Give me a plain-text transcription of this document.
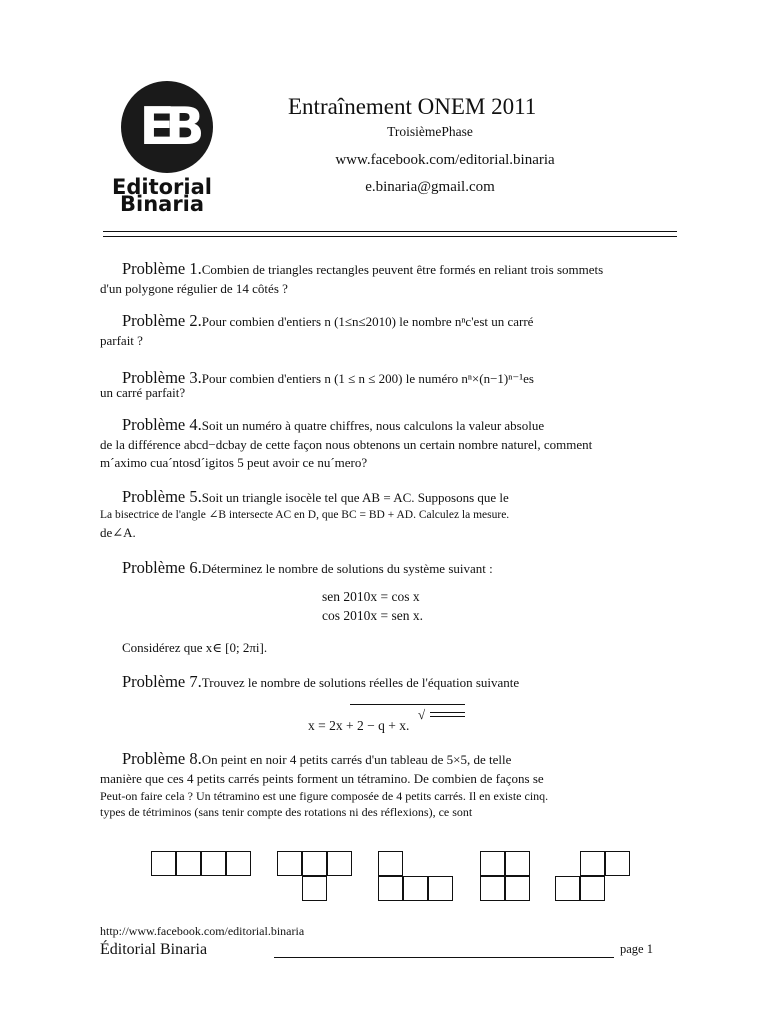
EB
Editorial
Binaria
Entraînement ONEM 2011
TroisièmePhase
www.facebook.com/editorial.binaria
e.binaria@gmail.com
Problème 1.Combien de triangles rectangles peuvent être formés en reliant trois sommets
d'un polygone régulier de 14 côtés ?
Problème 2.Pour combien d'entiers n (1≤n≤2010) le nombre nⁿc'est un carré
parfait ?
Problème 3.Pour combien d'entiers n (1 ≤ n ≤ 200) le numéro nⁿ×(n−1)ⁿ⁻¹es
un carré parfait?
Problème 4.Soit un numéro à quatre chiffres, nous calculons la valeur absolue
de la différence abcd−dcbay de cette façon nous obtenons un certain nombre naturel, comment
m´aximo cua´ntosd´igitos 5 peut avoir ce nu´mero?
Problème 5.Soit un triangle isocèle tel que AB = AC. Supposons que le
La bisectrice de l'angle ∠B intersecte AC en D, que BC = BD + AD. Calculez la mesure.
de∠A.
Problème 6.Déterminez le nombre de solutions du système suivant :
sen 2010x = cos x
cos 2010x = sen x.
Considérez que x∈ [0; 2πi].
Problème 7.Trouvez le nombre de solutions réelles de l'équation suivante
√
x = 2x + 2 − q + x.
Problème 8.On peint en noir 4 petits carrés d'un tableau de 5×5, de telle
manière que ces 4 petits carrés peints forment un tétramino. De combien de façons se
Peut-on faire cela ? Un tétramino est une figure composée de 4 petits carrés. Il en existe cinq.
types de tétriminos (sans tenir compte des rotations ni des réflexions), ce sont
http://www.facebook.com/editorial.binaria
Éditorial Binaria	page 1
